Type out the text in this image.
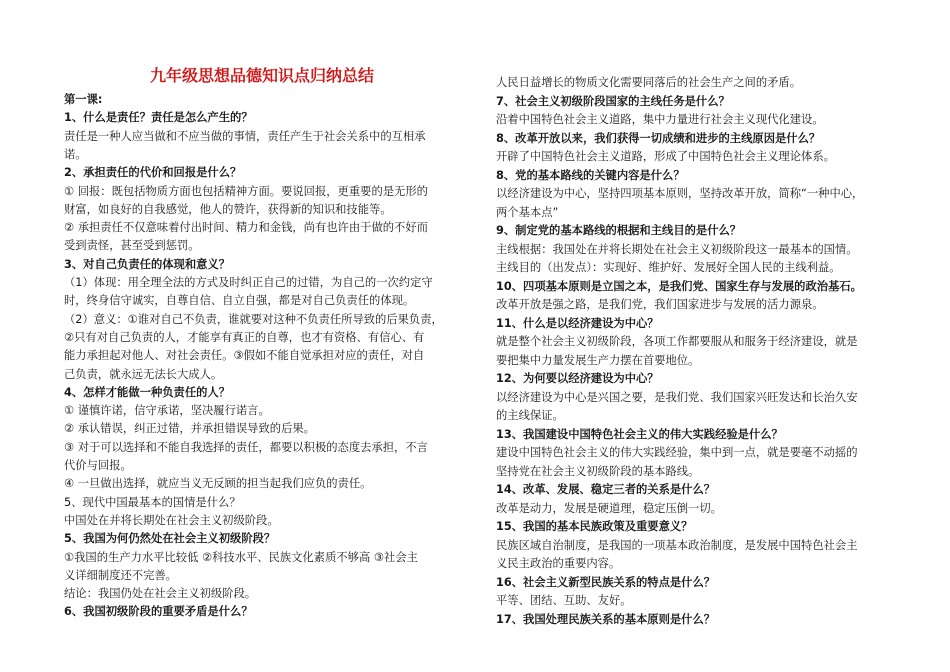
九年级思想品德知识点归纳总结
第一课:
1、什么是责任？责任是怎么产生的？
责任是一种人应当做和不应当做的事情，责任产生于社会关系中的互相承
诺。
2、承担责任的代价和回报是什么？
① 回报：既包括物质方面也包括精神方面。要说回报，更重要的是无形的
财富，如良好的自我感觉，他人的赞许，获得新的知识和技能等。
② 承担责任不仅意味着付出时间、精力和金钱，尚有也许由于做的不好而
受到责怪，甚至受到惩罚。
3、对自己负责任的体现和意义？
（1）体现：用全理全法的方式及时纠正自己的过错，为自己的一次约定守
时，终身信守诚实，自尊自信、自立自强，都是对自己负责任的体现。
（2）意义：①谁对自己不负责，谁就要对这种不负责任所导致的后果负责，
②只有对自己负责的人，才能享有真正的自尊，也才有资格、有信心、有
能力承担起对他人、对社会责任。③假如不能自觉承担对应的责任，对自
己负责，就永远无法长大成人。
4、怎样才能做一种负责任的人？
① 谨慎许诺，信守承诺，坚决履行诺言。
② 承认错误，纠正过错，并承担错误导致的后果。
③ 对于可以选择和不能自我选择的责任，都要以积极的态度去承担，不言
代价与回报。
④ 一旦做出选择，就应当义无反顾的担当起我们应负的责任。
5、现代中国最基本的国情是什么？
中国处在并将长期处在社会主义初级阶段。
5、我国为何仍然处在社会主义初级阶段？
①我国的生产力水平比较低 ②科技水平、民族文化素质不够高 ③社会主
义详细制度还不完善。
结论：我国仍处在社会主义初级阶段。
6、我国初级阶段的重要矛盾是什么？
人民日益增长的物质文化需要同落后的社会生产之间的矛盾。
7、社会主义初级阶段国家的主线任务是什么？
沿着中国特色社会主义道路，集中力量进行社会主义现代化建设。
8、改革开放以来，我们获得一切成绩和进步的主线原因是什么？
开辟了中国特色社会主义道路，形成了中国特色社会主义理论体系。
8、党的基本路线的关键内容是什么？
以经济建设为中心，坚持四项基本原则，坚持改革开放，简称“一种中心，
两个基本点”
9、制定党的基本路线的根据和主线目的是什么？
主线根据：我国处在并将长期处在社会主义初级阶段这一最基本的国情。
主线目的（出发点）：实现好、维护好、发展好全国人民的主线利益。
10、四项基本原则是立国之本，是我们党、国家生存与发展的政治基石。
改革开放是强之路，是我们党，我们国家进步与发展的活力源泉。
11、什么是以经济建设为中心？
就是整个社会主义初级阶段，各项工作都要服从和服务于经济建设，就是
要把集中力量发展生产力摆在首要地位。
12、为何要以经济建设为中心？
以经济建设为中心是兴国之要，是我们党、我们国家兴旺发达和长治久安
的主线保证。
13、我国建设中国特色社会主义的伟大实践经验是什么？
建设中国特色社会主义的伟大实践经验，集中到一点，就是要毫不动摇的
坚持党在社会主义初级阶段的基本路线。
14、改革、发展、稳定三者的关系是什么？
改革是动力，发展是硬道理，稳定压倒一切。
15、我国的基本民族政策及重要意义？
民族区域自治制度，是我国的一项基本政治制度，是发展中国特色社会主
义民主政治的重要内容。
16、社会主义新型民族关系的特点是什么？
平等、团结、互助、友好。
17、我国处理民族关系的基本原则是什么？
